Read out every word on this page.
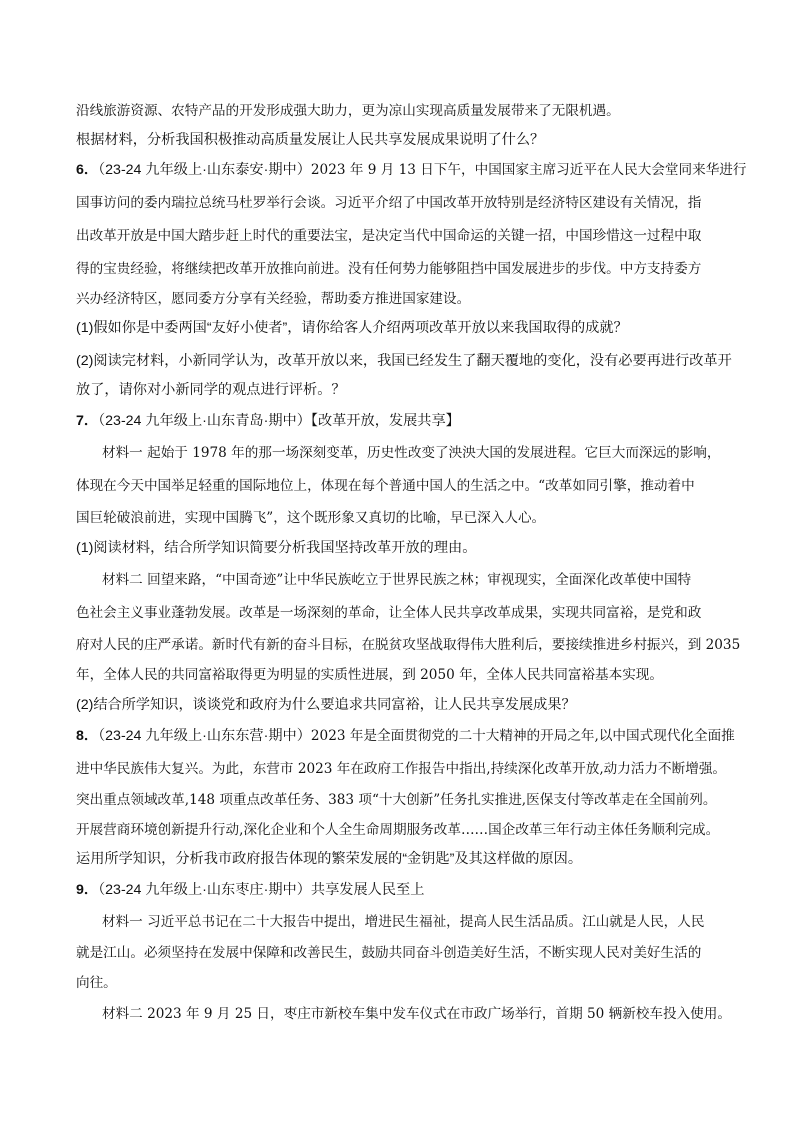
沿线旅游资源、农特产品的开发形成强大助力，更为凉山实现高质量发展带来了无限机遇。
根据材料，分析我国积极推动高质量发展让人民共享发展成果说明了什么？
6．（23-24 九年级上·山东泰安·期中）2023 年 9 月 13 日下午，中国国家主席习近平在人民大会堂同来华进行
国事访问的委内瑞拉总统马杜罗举行会谈。习近平介绍了中国改革开放特别是经济特区建设有关情况，指
出改革开放是中国大踏步赶上时代的重要法宝，是决定当代中国命运的关键一招，中国珍惜这一过程中取
得的宝贵经验，将继续把改革开放推向前进。没有任何势力能够阻挡中国发展进步的步伐。中方支持委方
兴办经济特区，愿同委方分享有关经验，帮助委方推进国家建设。
(1)假如你是中委两国“友好小使者”，请你给客人介绍两项改革开放以来我国取得的成就？
(2)阅读完材料，小新同学认为，改革开放以来，我国已经发生了翻天覆地的变化，没有必要再进行改革开
放了，请你对小新同学的观点进行评析。？
7．（23-24 九年级上·山东青岛·期中）【改革开放，发展共享】
材料一 起始于 1978 年的那一场深刻变革，历史性改变了泱泱大国的发展进程。它巨大而深远的影响，
体现在今天中国举足轻重的国际地位上，体现在每个普通中国人的生活之中。“改革如同引擎，推动着中
国巨轮破浪前进，实现中国腾飞”，这个既形象又真切的比喻，早已深入人心。
(1)阅读材料，结合所学知识简要分析我国坚持改革开放的理由。
材料二 回望来路，“中国奇迹”让中华民族屹立于世界民族之林；审视现实，全面深化改革使中国特
色社会主义事业蓬勃发展。改革是一场深刻的革命，让全体人民共享改革成果，实现共同富裕，是党和政
府对人民的庄严承诺。新时代有新的奋斗目标，在脱贫攻坚战取得伟大胜利后，要接续推进乡村振兴，到 2035
年，全体人民的共同富裕取得更为明显的实质性进展，到 2050 年，全体人民共同富裕基本实现。
(2)结合所学知识，谈谈党和政府为什么要追求共同富裕，让人民共享发展成果？
8．（23-24 九年级上·山东东营·期中）2023 年是全面贯彻党的二十大精神的开局之年,以中国式现代化全面推
进中华民族伟大复兴。为此，东营市 2023 年在政府工作报告中指出,持续深化改革开放,动力活力不断增强。
突出重点领域改革,148 项重点改革任务、383 项“十大创新”任务扎实推进,医保支付等改革走在全国前列。
开展营商环境创新提升行动,深化企业和个人全生命周期服务改革……国企改革三年行动主体任务顺利完成。
运用所学知识，分析我市政府报告体现的繁荣发展的“金钥匙”及其这样做的原因。
9．（23-24 九年级上·山东枣庄·期中）共享发展人民至上
材料一 习近平总书记在二十大报告中提出，增进民生福祉，提高人民生活品质。江山就是人民，人民
就是江山。必须坚持在发展中保障和改善民生，鼓励共同奋斗创造美好生活，不断实现人民对美好生活的
向往。
材料二 2023 年 9 月 25 日，枣庄市新校车集中发车仪式在市政广场举行，首期 50 辆新校车投入使用。
